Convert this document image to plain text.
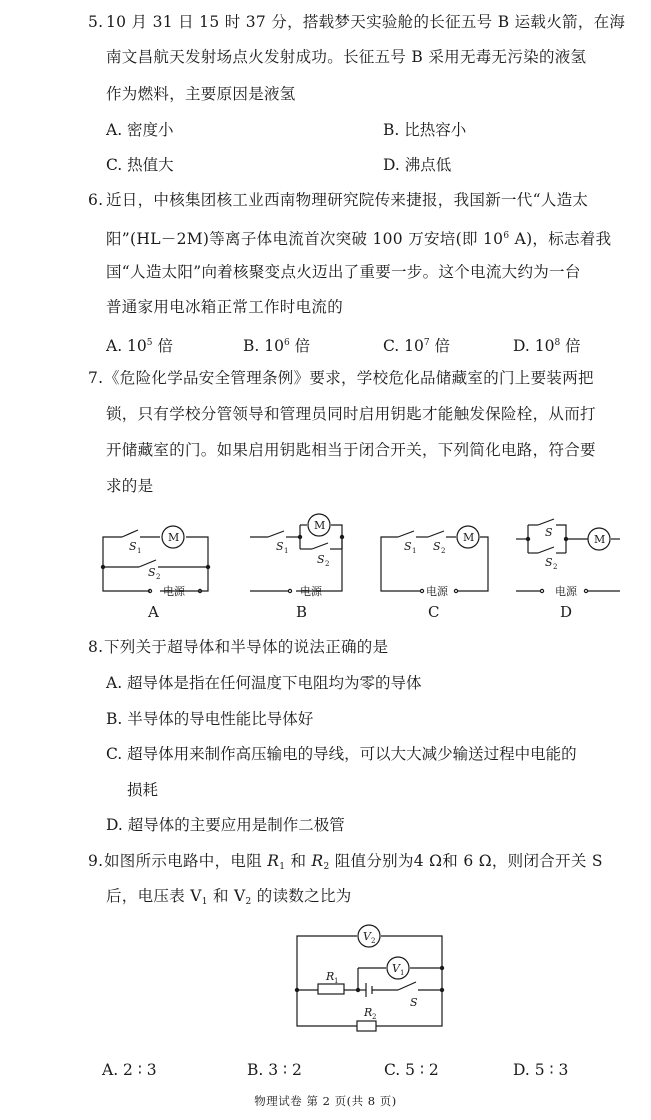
5. 10 月 31 日 15 时 37 分，搭载梦天实验舱的长征五号 B 运载火箭，在海
南文昌航天发射场点火发射成功。长征五号 B 采用无毒无污染的液氢
作为燃料，主要原因是液氢
A. 密度小	B. 比热容小
C. 热值大	D. 沸点低
6. 近日，中核集团核工业西南物理研究院传来捷报，我国新一代“人造太
阳”(HL－2M)等离子体电流首次突破 100 万安培(即 $10^6$ A)，标志着我
国“人造太阳”向着核聚变点火迈出了重要一步。这个电流大约为一台
普通家用电冰箱正常工作时电流的
A. $10^5$ 倍	B. $10^6$ 倍	C. $10^7$ 倍	D. $10^8$ 倍
7. 《危险化学品安全管理条例》要求，学校危化品储藏室的门上要装两把
锁，只有学校分管领导和管理员同时启用钥匙才能触发保险栓，从而打
开储藏室的门。如果启用钥匙相当于闭合开关，下列简化电路，符合要
求的是
M
M
M	M
电源	电源	电源	电源
S 1
S 2
S 1
S 2
S 1 S 2
S
S 2
A	B	C	D
8. 下列关于超导体和半导体的说法正确的是
A. 超导体是指在任何温度下电阻均为零的导体
B. 半导体的导电性能比导体好
C. 超导体用来制作高压输电的导线，可以大大减少输送过程中电能的
损耗
D. 超导体的主要应用是制作二极管
9. 如图所示电路中，电阻 $R_1$ 和 $R_2$ 阻值分别为4 Ω和 6 Ω，则闭合开关 S
后，电压表 $V_1$ 和 $V_2$ 的读数之比为
V 2
V 1
R 1
R 2
S
A. 2 ∶ 3	B. 3 ∶ 2	C. 5 ∶ 2	D. 5 ∶ 3
物理试卷 第 2 页(共 8 页)
